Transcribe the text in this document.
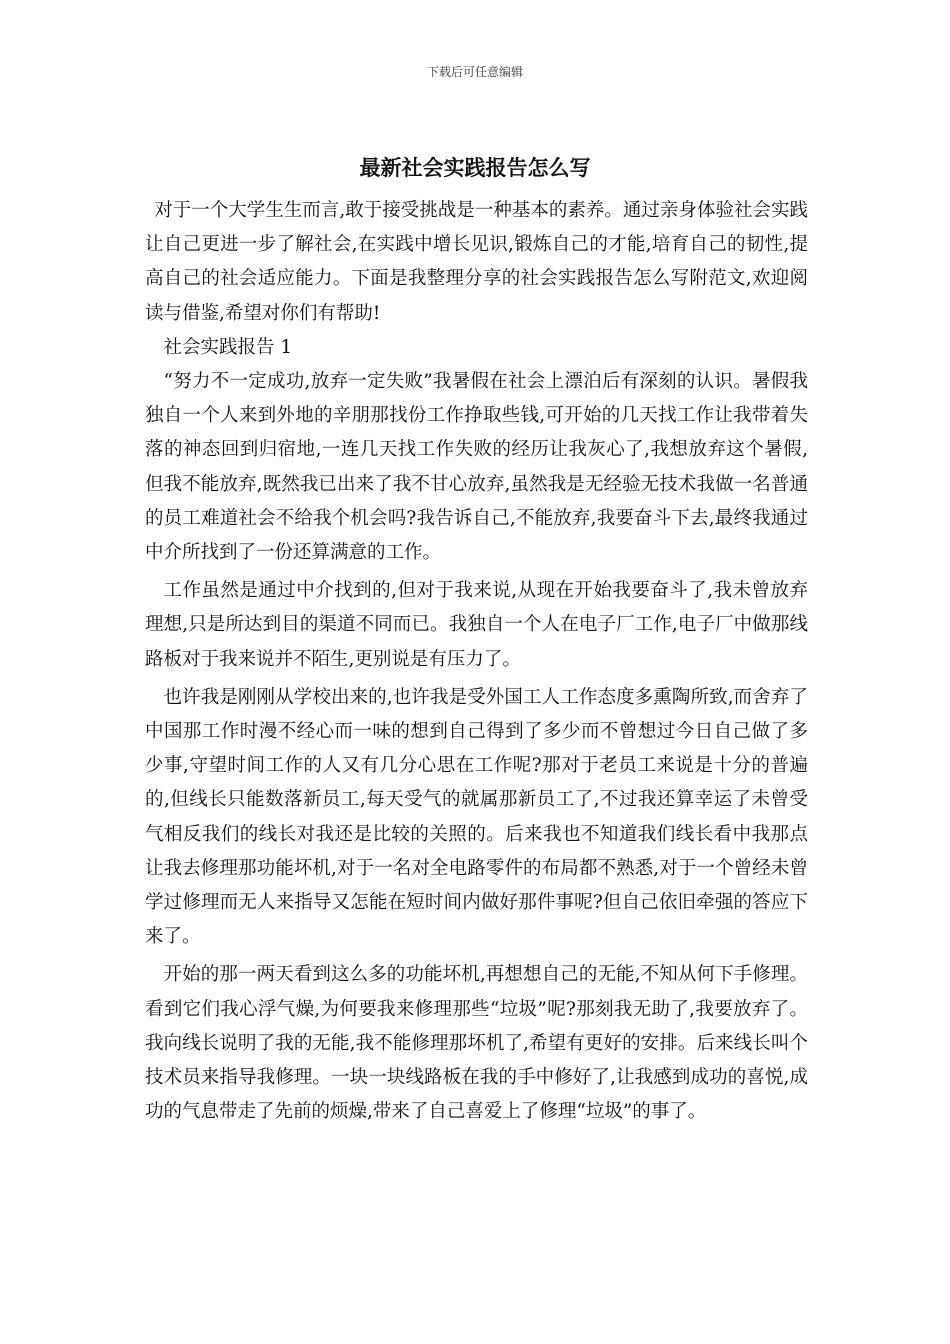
下载后可任意编辑
最新社会实践报告怎么写

对于一个大学生生而言,敢于接受挑战是一种基本的素养。通过亲身体验社会实践让自己更进一步了解社会,在实践中增长见识,锻炼自己的才能,培育自己的韧性,提高自己的社会适应能力。下面是我整理分享的社会实践报告怎么写附范文,欢迎阅读与借鉴,希望对你们有帮助!

社会实践报告 1

“努力不一定成功,放弃一定失败”我暑假在社会上漂泊后有深刻的认识。暑假我独自一个人来到外地的辛朋那找份工作挣取些钱,可开始的几天找工作让我带着失落的神态回到归宿地,一连几天找工作失败的经历让我灰心了,我想放弃这个暑假,但我不能放弃,既然我已出来了我不甘心放弃,虽然我是无经验无技术我做一名普通的员工难道社会不给我个机会吗?我告诉自己,不能放弃,我要奋斗下去,最终我通过中介所找到了一份还算满意的工作。

工作虽然是通过中介找到的,但对于我来说,从现在开始我要奋斗了,我未曾放弃理想,只是所达到目的渠道不同而已。我独自一个人在电子厂工作,电子厂中做那线路板对于我来说并不陌生,更别说是有压力了。

也许我是刚刚从学校出来的,也许我是受外国工人工作态度多熏陶所致,而舍弃了中国那工作时漫不经心而一味的想到自己得到了多少而不曾想过今日自己做了多少事,守望时间工作的人又有几分心思在工作呢?那对于老员工来说是十分的普遍的,但线长只能数落新员工,每天受气的就属那新员工了,不过我还算幸运了未曾受气相反我们的线长对我还是比较的关照的。后来我也不知道我们线长看中我那点让我去修理那功能坏机,对于一名对全电路零件的布局都不熟悉,对于一个曾经未曾学过修理而无人来指导又怎能在短时间内做好那件事呢?但自己依旧牵强的答应下来了。

开始的那一两天看到这么多的功能坏机,再想想自己的无能,不知从何下手修理。看到它们我心浮气燥,为何要我来修理那些“垃圾”呢?那刻我无助了,我要放弃了。我向线长说明了我的无能,我不能修理那坏机了,希望有更好的安排。后来线长叫个技术员来指导我修理。一块一块线路板在我的手中修好了,让我感到成功的喜悦,成功的气息带走了先前的烦燥,带来了自己喜爱上了修理“垃圾”的事了。
